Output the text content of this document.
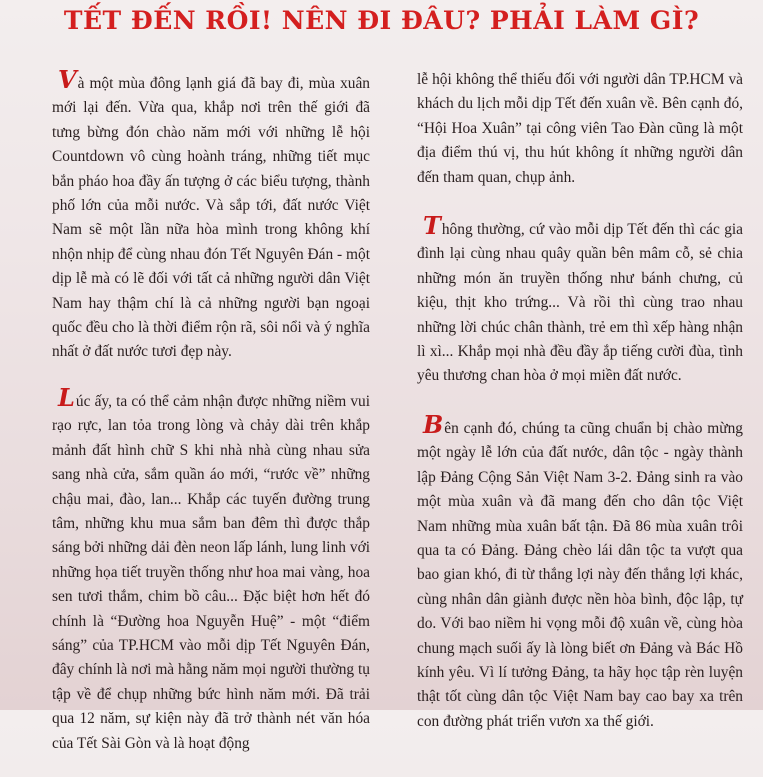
TẾT ĐẾN RỒI! NÊN ĐI ĐÂU? PHẢI LÀM GÌ?

Và một mùa đông lạnh giá đã bay đi, mùa xuân mới lại đến. Vừa qua, khắp nơi trên thế giới đã tưng bừng đón chào năm mới với những lễ hội Countdown vô cùng hoành tráng, những tiết mục bắn pháo hoa đầy ấn tượng ở các biểu tượng, thành phố lớn của mỗi nước. Và sắp tới, đất nước Việt Nam sẽ một lần nữa hòa mình trong không khí nhộn nhịp để cùng nhau đón Tết Nguyên Đán - một dịp lễ mà có lẽ đối với tất cả những người dân Việt Nam hay thậm chí là cả những người bạn ngoại quốc đều cho là thời điểm rộn rã, sôi nổi và ý nghĩa nhất ở đất nước tươi đẹp này.

Lúc ấy, ta có thể cảm nhận được những niềm vui rạo rực, lan tỏa trong lòng và chảy dài trên khắp mảnh đất hình chữ S khi nhà nhà cùng nhau sửa sang nhà cửa, sắm quần áo mới, “rước về” những chậu mai, đào, lan... Khắp các tuyến đường trung tâm, những khu mua sắm ban đêm thì được thắp sáng bởi những dải đèn neon lấp lánh, lung linh với những họa tiết truyền thống như hoa mai vàng, hoa sen tươi thắm, chim bồ câu... Đặc biệt hơn hết đó chính là “Đường hoa Nguyễn Huệ” - một “điểm sáng” của TP.HCM vào mỗi dịp Tết Nguyên Đán, đây chính là nơi mà hằng năm mọi người thường tụ tập về để chụp những bức hình năm mới. Đã trải qua 12 năm, sự kiện này đã trở thành nét văn hóa của Tết Sài Gòn và là hoạt động

lễ hội không thể thiếu đối với người dân TP.HCM và khách du lịch mỗi dịp Tết đến xuân về. Bên cạnh đó, “Hội Hoa Xuân” tại công viên Tao Đàn cũng là một địa điểm thú vị, thu hút không ít những người dân đến tham quan, chụp ảnh.

Thông thường, cứ vào mỗi dịp Tết đến thì các gia đình lại cùng nhau quây quần bên mâm cỗ, sẻ chia những món ăn truyền thống như bánh chưng, củ kiệu, thịt kho trứng... Và rồi thì cùng trao nhau những lời chúc chân thành, trẻ em thì xếp hàng nhận lì xì... Khắp mọi nhà đều đầy ắp tiếng cười đùa, tình yêu thương chan hòa ở mọi miền đất nước.

Bên cạnh đó, chúng ta cũng chuẩn bị chào mừng một ngày lễ lớn của đất nước, dân tộc - ngày thành lập Đảng Cộng Sản Việt Nam 3-2. Đảng sinh ra vào một mùa xuân và đã mang đến cho dân tộc Việt Nam những mùa xuân bất tận. Đã 86 mùa xuân trôi qua ta có Đảng. Đảng chèo lái dân tộc ta vượt qua bao gian khó, đi từ thắng lợi này đến thắng lợi khác, cùng nhân dân giành được nền hòa bình, độc lập, tự do. Với bao niềm hi vọng mỗi độ xuân về, cùng hòa chung mạch suối ấy là lòng biết ơn Đảng và Bác Hồ kính yêu. Vì lí tưởng Đảng, ta hãy học tập rèn luyện thật tốt cùng dân tộc Việt Nam bay cao bay xa trên con đường phát triển vươn xa thế giới.
